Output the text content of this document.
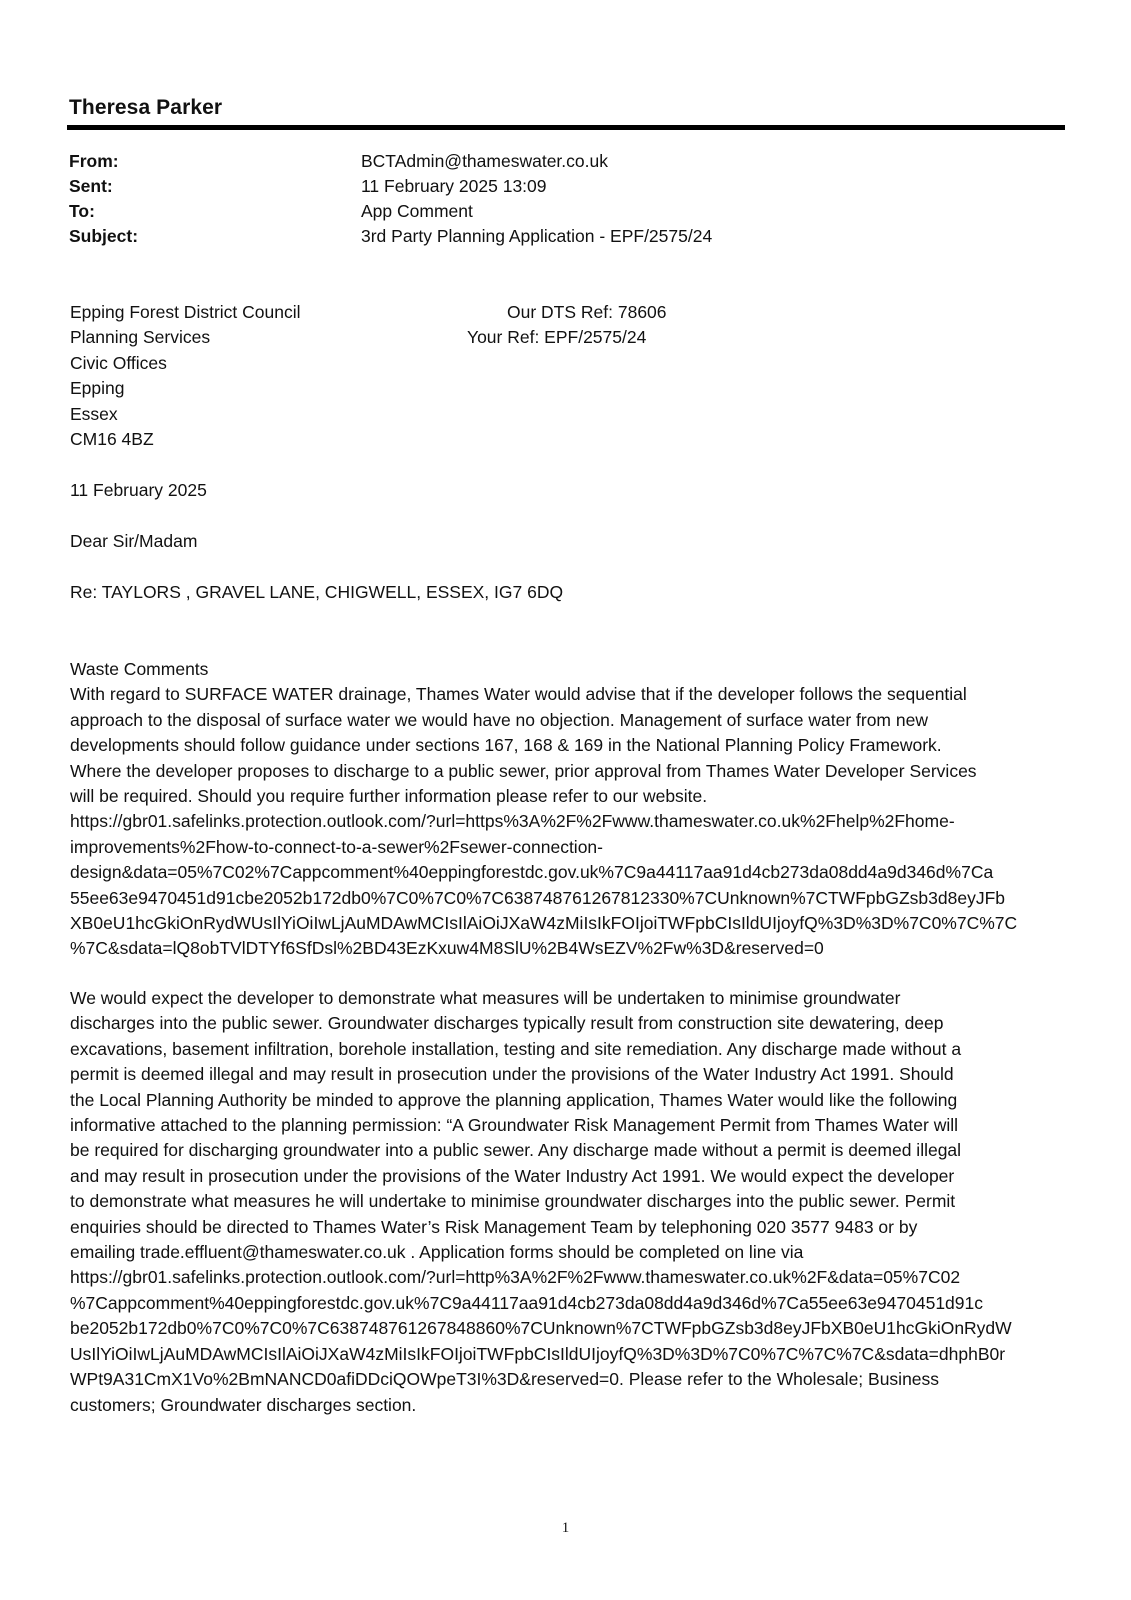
Theresa Parker
From:	BCTAdmin@thameswater.co.uk
Sent:	11 February 2025 13:09
To:	App Comment
Subject:	3rd Party Planning Application - EPF/2575/24
Epping Forest District Council
Planning Services
Civic Offices
Epping
Essex
CM16 4BZ
Our DTS Ref: 78606
Your Ref: EPF/2575/24
11 February 2025
Dear Sir/Madam
Re: TAYLORS , GRAVEL LANE, CHIGWELL, ESSEX, IG7 6DQ
Waste Comments
With regard to SURFACE WATER drainage, Thames Water would advise that if the developer follows the sequential
approach to the disposal of surface water we would have no objection. Management of surface water from new
developments should follow guidance under sections 167, 168 & 169 in the National Planning Policy Framework.
Where the developer proposes to discharge to a public sewer, prior approval from Thames Water Developer Services
will be required. Should you require further information please refer to our website.
https://gbr01.safelinks.protection.outlook.com/?url=https%3A%2F%2Fwww.thameswater.co.uk%2Fhelp%2Fhome-
improvements%2Fhow-to-connect-to-a-sewer%2Fsewer-connection-
design&data=05%7C02%7Cappcomment%40eppingforestdc.gov.uk%7C9a44117aa91d4cb273da08dd4a9d346d%7Ca
55ee63e9470451d91cbe2052b172db0%7C0%7C0%7C638748761267812330%7CUnknown%7CTWFpbGZsb3d8eyJFb
XB0eU1hcGkiOnRydWUsIlYiOiIwLjAuMDAwMCIsIlAiOiJXaW4zMiIsIkFOIjoiTWFpbCIsIldUIjoyfQ%3D%3D%7C0%7C%7C
%7C&sdata=lQ8obTVlDTYf6SfDsl%2BD43EzKxuw4M8SlU%2B4WsEZV%2Fw%3D&reserved=0
We would expect the developer to demonstrate what measures will be undertaken to minimise groundwater
discharges into the public sewer. Groundwater discharges typically result from construction site dewatering, deep
excavations, basement infiltration, borehole installation, testing and site remediation. Any discharge made without a
permit is deemed illegal and may result in prosecution under the provisions of the Water Industry Act 1991. Should
the Local Planning Authority be minded to approve the planning application, Thames Water would like the following
informative attached to the planning permission: “A Groundwater Risk Management Permit from Thames Water will
be required for discharging groundwater into a public sewer. Any discharge made without a permit is deemed illegal
and may result in prosecution under the provisions of the Water Industry Act 1991. We would expect the developer
to demonstrate what measures he will undertake to minimise groundwater discharges into the public sewer. Permit
enquiries should be directed to Thames Water’s Risk Management Team by telephoning 020 3577 9483 or by
emailing trade.effluent@thameswater.co.uk . Application forms should be completed on line via
https://gbr01.safelinks.protection.outlook.com/?url=http%3A%2F%2Fwww.thameswater.co.uk%2F&data=05%7C02
%7Cappcomment%40eppingforestdc.gov.uk%7C9a44117aa91d4cb273da08dd4a9d346d%7Ca55ee63e9470451d91c
be2052b172db0%7C0%7C0%7C638748761267848860%7CUnknown%7CTWFpbGZsb3d8eyJFbXB0eU1hcGkiOnRydW
UsIlYiOiIwLjAuMDAwMCIsIlAiOiJXaW4zMiIsIkFOIjoiTWFpbCIsIldUIjoyfQ%3D%3D%7C0%7C%7C%7C&sdata=dhphB0r
WPt9A31CmX1Vo%2BmNANCD0afiDDciQOWpeT3I%3D&reserved=0. Please refer to the Wholesale; Business
customers; Groundwater discharges section.
1
